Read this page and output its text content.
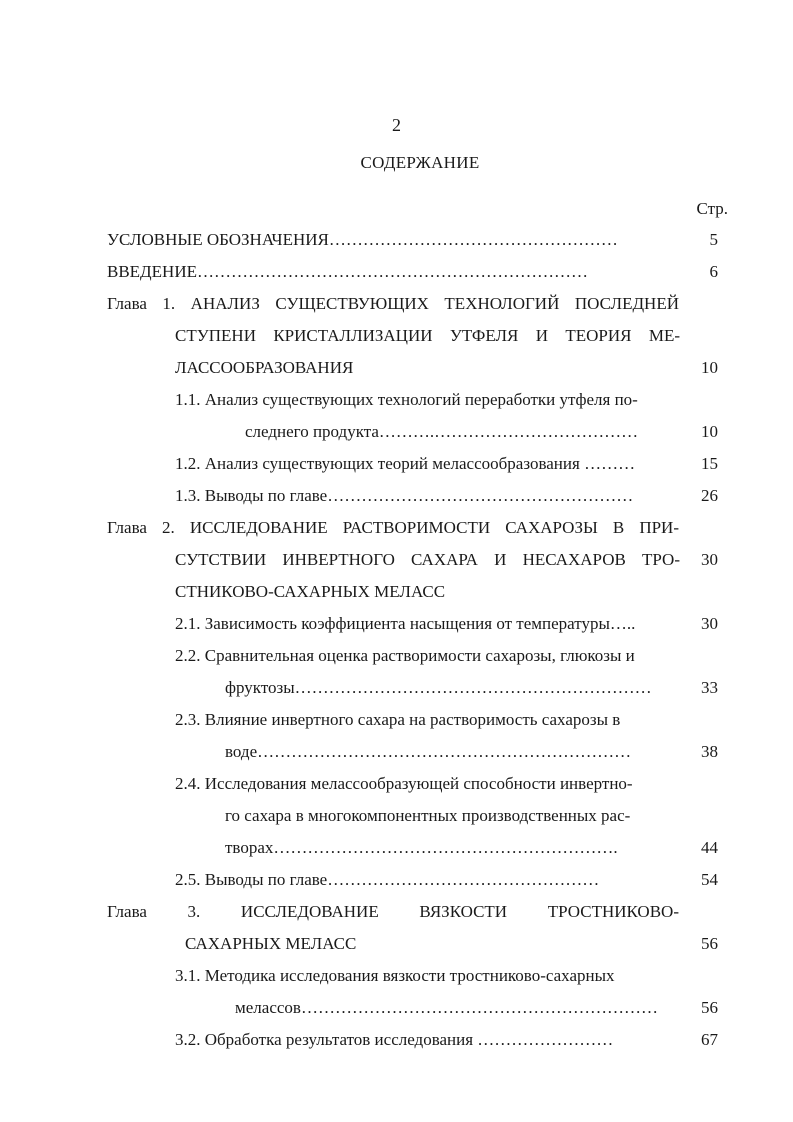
2
СОДЕРЖАНИЕ
Стр.
УСЛОВНЫЕ ОБОЗНАЧЕНИЯ……………………………………………	5
ВВЕДЕНИЕ……………………………………………………………	6
Глава 1. АНАЛИЗ СУЩЕСТВУЮЩИХ ТЕХНОЛОГИЙ ПОСЛЕДНЕЙ
СТУПЕНИ КРИСТАЛЛИЗАЦИИ УТФЕЛЯ И ТЕОРИЯ МЕ-
ЛАССООБРАЗОВАНИЯ	10
1.1. Анализ существующих технологий переработки утфеля по-
следнего продукта……….………………………………	10
1.2. Анализ существующих теорий мелассообразования ………	15
1.3. Выводы по главе………………………………………………	26
Глава 2. ИССЛЕДОВАНИЕ РАСТВОРИМОСТИ САХАРОЗЫ В ПРИ-
СУТСТВИИ ИНВЕРТНОГО САХАРА И НЕСАХАРОВ ТРО-	30
СТНИКОВО-САХАРНЫХ МЕЛАСС
2.1. Зависимость коэффициента насыщения от температуры…..	30
2.2. Сравнительная оценка растворимости сахарозы, глюкозы и
фруктозы………………………………………………………	33
2.3. Влияние инвертного сахара на растворимость сахарозы в
воде…………………………………………………………	38
2.4. Исследования мелассообразующей способности инвертно-
го сахара в многокомпонентных производственных рас-
творах…………………………………………………….	44
2.5. Выводы по главе…………………………………………	54
Глава 3. ИССЛЕДОВАНИЕ ВЯЗКОСТИ ТРОСТНИКОВО-
САХАРНЫХ МЕЛАСС	56
3.1. Методика исследования вязкости тростниково-сахарных
мелассов………………………………………………………	56
3.2. Обработка результатов исследования ……………………	67
